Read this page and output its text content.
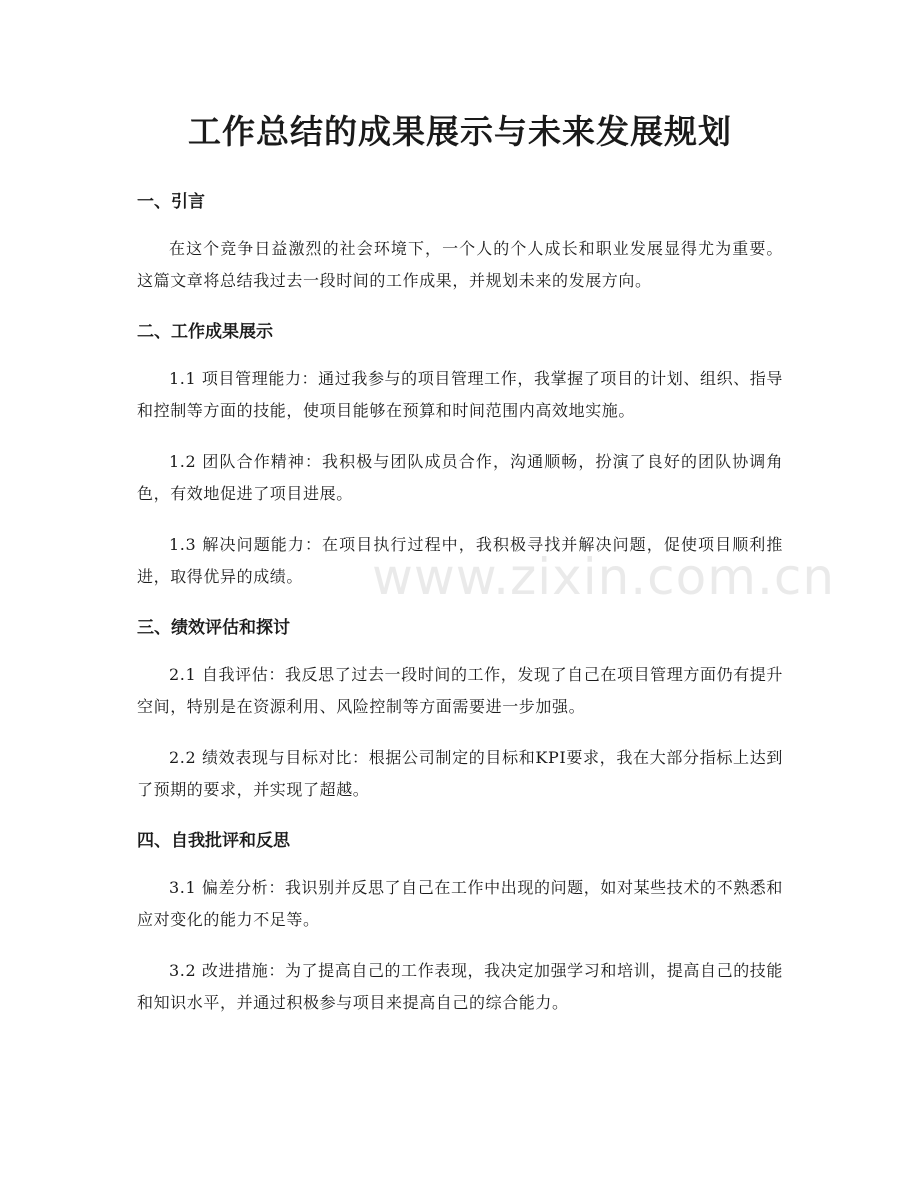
工作总结的成果展示与未来发展规划
一、引言

在这个竞争日益激烈的社会环境下，一个人的个人成长和职业发展显得尤为重要。这篇文章将总结我过去一段时间的工作成果，并规划未来的发展方向。

二、工作成果展示

1.1 项目管理能力：通过我参与的项目管理工作，我掌握了项目的计划、组织、指导和控制等方面的技能，使项目能够在预算和时间范围内高效地实施。

1.2 团队合作精神：我积极与团队成员合作，沟通顺畅，扮演了良好的团队协调角色，有效地促进了项目进展。

1.3 解决问题能力：在项目执行过程中，我积极寻找并解决问题，促使项目顺利推进，取得优异的成绩。

三、绩效评估和探讨

2.1 自我评估：我反思了过去一段时间的工作，发现了自己在项目管理方面仍有提升空间，特别是在资源利用、风险控制等方面需要进一步加强。

2.2 绩效表现与目标对比：根据公司制定的目标和KPI要求，我在大部分指标上达到了预期的要求，并实现了超越。

四、自我批评和反思

3.1 偏差分析：我识别并反思了自己在工作中出现的问题，如对某些技术的不熟悉和应对变化的能力不足等。

3.2 改进措施：为了提高自己的工作表现，我决定加强学习和培训，提高自己的技能和知识水平，并通过积极参与项目来提高自己的综合能力。

www.zixin.com.cn
